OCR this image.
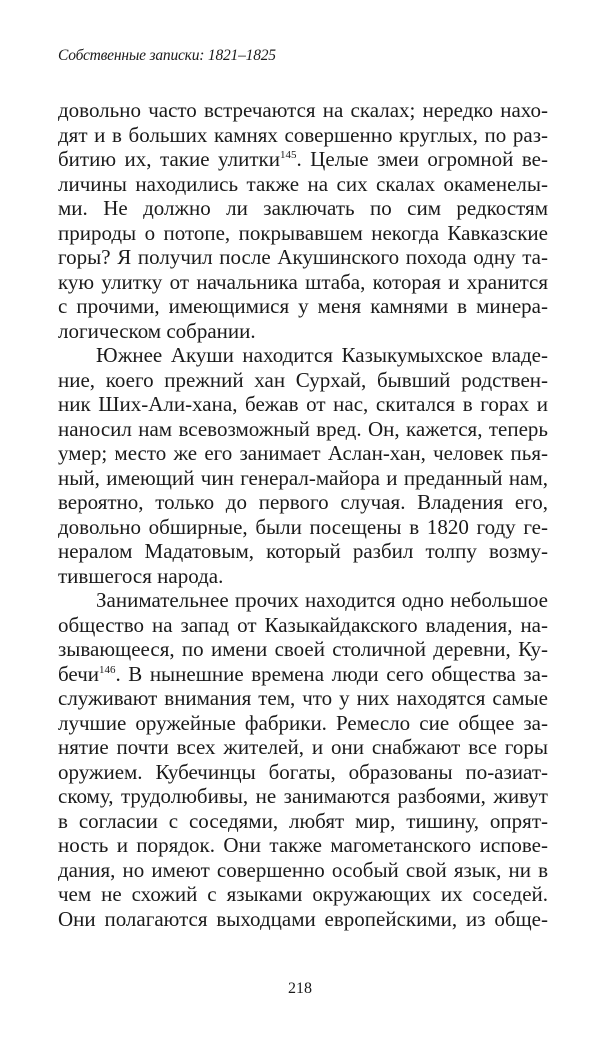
Собственные записки: 1821–1825
довольно часто встречаются на скалах; нередко нахо-
дят и в больших камнях совершенно круглых, по раз-
битию их, такие улитки$^{145}$. Целые змеи огромной ве-
личины находились также на сих скалах окаменелы-
ми. Не должно ли заключать по сим редкостям
природы о потопе, покрывавшем некогда Кавказские
горы? Я получил после Акушинского похода одну та-
кую улитку от начальника штаба, которая и хранится
с прочими, имеющимися у меня камнями в минера-
логическом собрании.
Южнее Акуши находится Казыкумыхское владе-
ние, коего прежний хан Сурхай, бывший родствен-
ник Ших-Али-хана, бежав от нас, скитался в горах и
наносил нам всевозможный вред. Он, кажется, теперь
умер; место же его занимает Аслан-хан, человек пья-
ный, имеющий чин генерал-майора и преданный нам,
вероятно, только до первого случая. Владения его,
довольно обширные, были посещены в 1820 году ге-
нералом Мадатовым, который разбил толпу возму-
тившегося народа.
Занимательнее прочих находится одно небольшое
общество на запад от Казыкайдакского владения, на-
зывающееся, по имени своей столичной деревни, Ку-
бечи$^{146}$. В нынешние времена люди сего общества за-
служивают внимания тем, что у них находятся самые
лучшие оружейные фабрики. Ремесло сие общее за-
нятие почти всех жителей, и они снабжают все горы
оружием. Кубечинцы богаты, образованы по-азиат-
скому, трудолюбивы, не занимаются разбоями, живут
в согласии с соседями, любят мир, тишину, опрят-
ность и порядок. Они также магометанского испове-
дания, но имеют совершенно особый свой язык, ни в
чем не схожий с языками окружающих их соседей.
Они полагаются выходцами европейскими, из обще-
218
